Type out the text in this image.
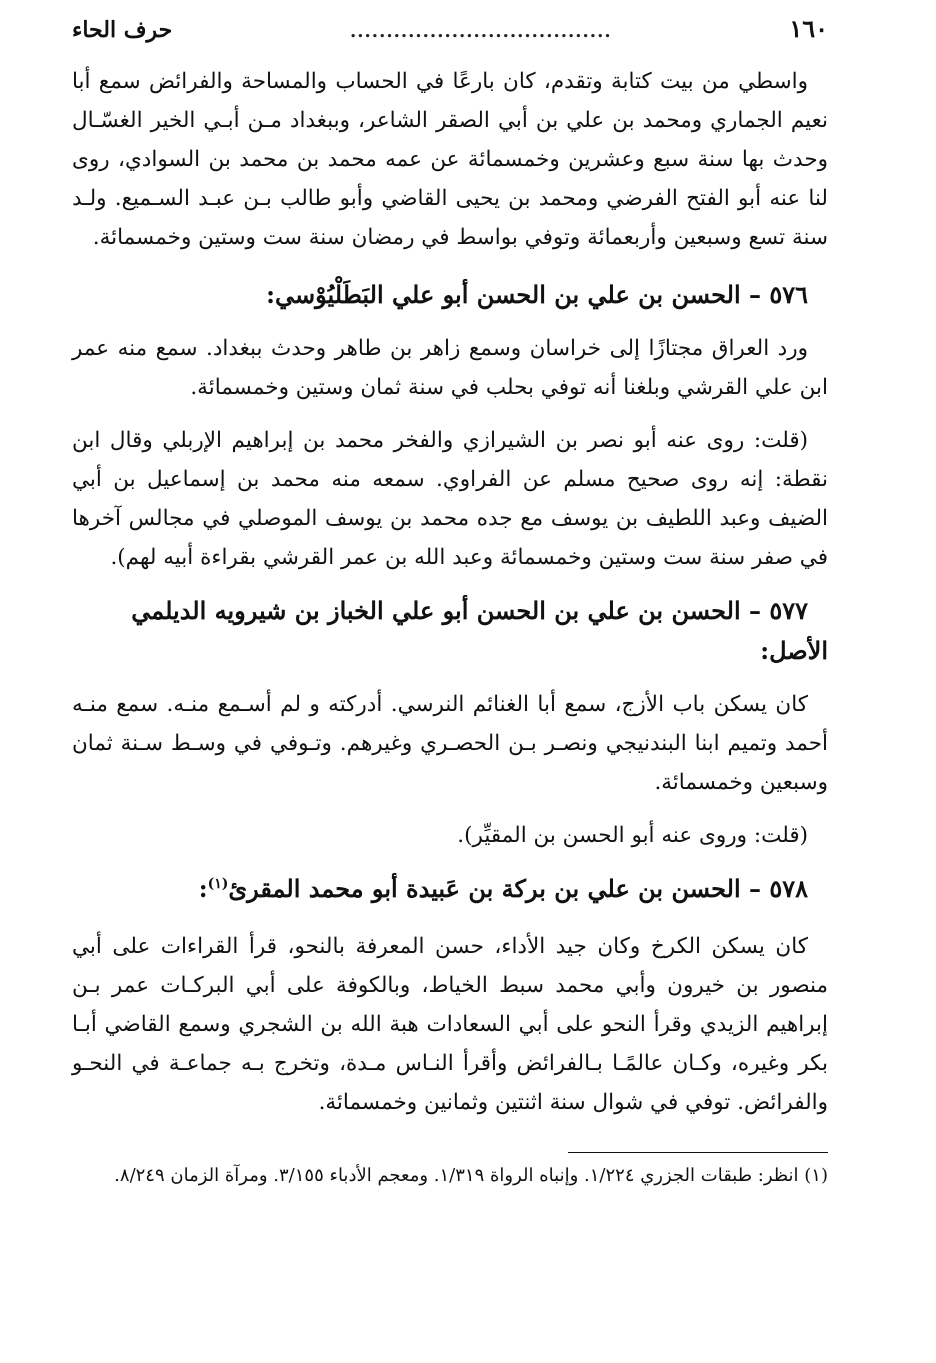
١٦٠
....................................
حرف الحاء

واسطي من بيت كتابة وتقدم، كان بارعًا في الحساب والمساحة والفرائض سمع أبا نعيم الجماري ومحمد بن علي بن أبي الصقر الشاعر، وببغداد مـن أبـي الخير الغسّـال وحدث بها سنة سبع وعشرين وخمسمائة عن عمه محمد بن محمد بن السوادي، روى لنا عنه أبو الفتح الفرضي ومحمد بن يحيى القاضي وأبو طالب بـن عبـد السـميع. ولـد سنة تسع وسبعين وأربعمائة وتوفي بواسط في رمضان سنة ست وستين وخمسمائة.

٥٧٦ – الحسن بن علي بن الحسن أبو علي البَطَلْيُوْسي:

ورد العراق مجتازًا إلى خراسان وسمع زاهر بن طاهر وحدث ببغداد. سمع منه عمر ابن علي القرشي وبلغنا أنه توفي بحلب في سنة ثمان وستين وخمسمائة.

(قلت: روى عنه أبو نصر بن الشيرازي والفخر محمد بن إبراهيم الإربلي وقال ابن نقطة: إنه روى صحيح مسلم عن الفراوي. سمعه منه محمد بن إسماعيل بن أبي الضيف وعبد اللطيف بن يوسف مع جده محمد بن يوسف الموصلي في مجالس آخرها في صفر سنة ست وستين وخمسمائة وعبد الله بن عمر القرشي بقراءة أبيه لهم).

٥٧٧ – الحسن بن علي بن الحسن أبو علي الخباز بن شيرويه الديلمي الأصل:

كان يسكن باب الأزج، سمع أبا الغنائم النرسي. أدركته و لم أسـمع منـه. سمع منـه أحمد وتميم ابنا البندنيجي ونصـر بـن الحصـري وغيرهم. وتـوفي في وسـط سـنة ثمان وسبعين وخمسمائة.

(قلت: وروى عنه أبو الحسن بن المقيِّر).

٥٧٨ – الحسن بن علي بن بركة بن عَبيدة أبو محمد المقرئ$^{(١)}$:

كان يسكن الكرخ وكان جيد الأداء، حسن المعرفة بالنحو، قرأ القراءات على أبي منصور بن خيرون وأبي محمد سبط الخياط، وبالكوفة على أبي البركـات عمر بـن إبراهيم الزيدي وقرأ النحو على أبي السعادات هبة الله بن الشجري وسمع القاضي أبـا بكر وغيره، وكـان عالمًـا بـالفرائض وأقرأ النـاس مـدة، وتخرج بـه جماعـة في النحـو والفرائض. توفي في شوال سنة اثنتين وثمانين وخمسمائة.

(١) انظر: طبقات الجزري ١/٢٢٤. وإنباه الرواة ١/٣١٩. ومعجم الأدباء ٣/١٥٥. ومرآة الزمان ٨/٢٤٩.
